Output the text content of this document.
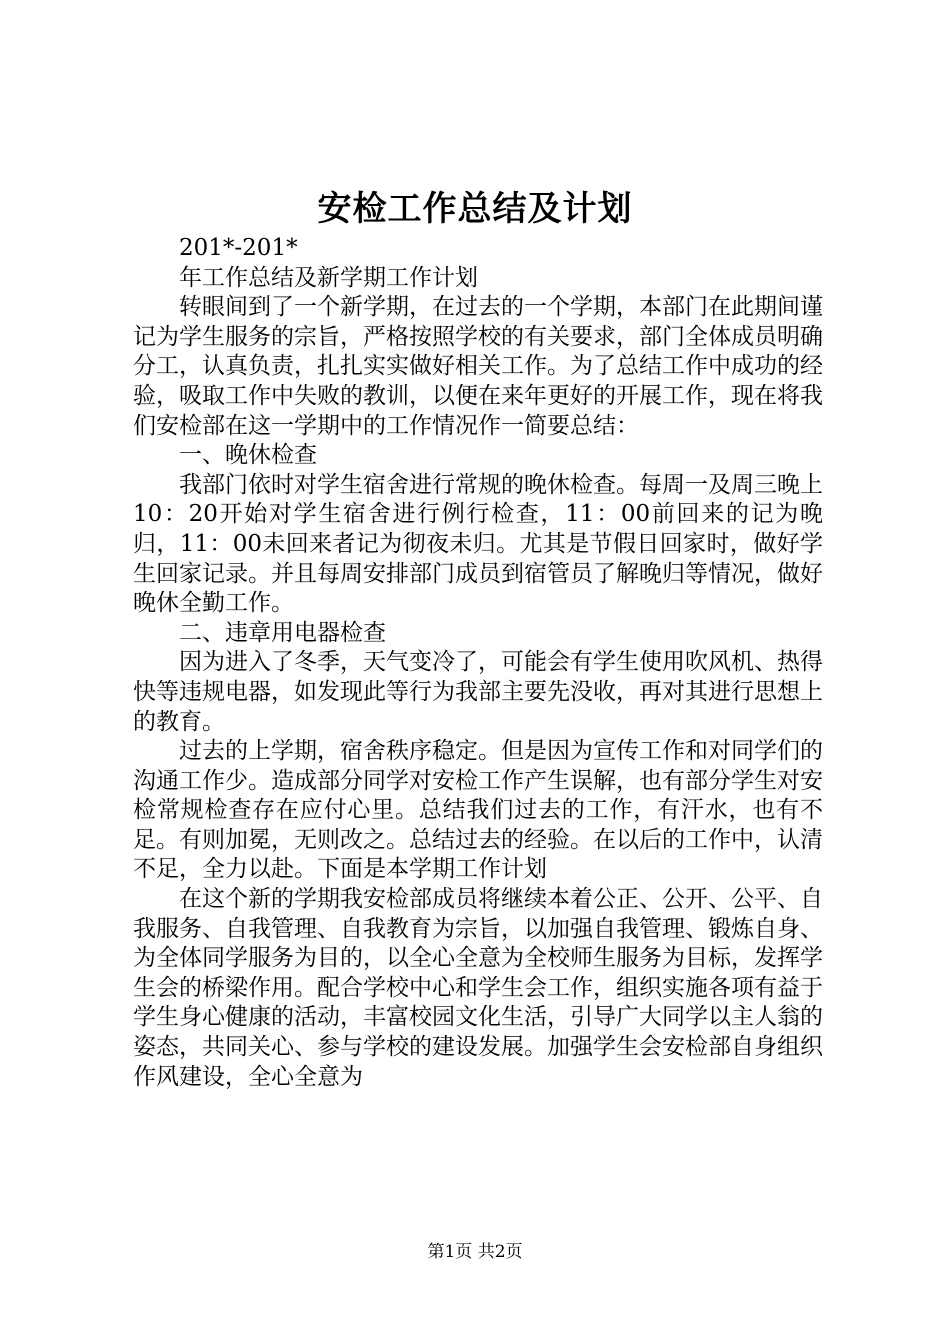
安检工作总结及计划

201*-201*

年工作总结及新学期工作计划

转眼间到了一个新学期，在过去的一个学期，本部门在此期间谨记为学生服务的宗旨，严格按照学校的有关要求，部门全体成员明确分工，认真负责，扎扎实实做好相关工作。为了总结工作中成功的经验，吸取工作中失败的教训，以便在来年更好的开展工作，现在将我们安检部在这一学期中的工作情况作一简要总结：

一、晚休检查

我部门依时对学生宿舍进行常规的晚休检查。每周一及周三晚上10：20开始对学生宿舍进行例行检查，11：00前回来的记为晚归，11：00未回来者记为彻夜未归。尤其是节假日回家时，做好学生回家记录。并且每周安排部门成员到宿管员了解晚归等情况，做好晚休全勤工作。

二、违章用电器检查

因为进入了冬季，天气变冷了，可能会有学生使用吹风机、热得快等违规电器，如发现此等行为我部主要先没收，再对其进行思想上的教育。

过去的上学期，宿舍秩序稳定。但是因为宣传工作和对同学们的沟通工作少。造成部分同学对安检工作产生误解，也有部分学生对安检常规检查存在应付心里。总结我们过去的工作，有汗水，也有不足。有则加冕，无则改之。总结过去的经验。在以后的工作中，认清不足，全力以赴。下面是本学期工作计划

在这个新的学期我安检部成员将继续本着公正、公开、公平、自我服务、自我管理、自我教育为宗旨，以加强自我管理、锻炼自身、为全体同学服务为目的，以全心全意为全校师生服务为目标，发挥学生会的桥梁作用。配合学校中心和学生会工作，组织实施各项有益于学生身心健康的活动，丰富校园文化生活，引导广大同学以主人翁的姿态，共同关心、参与学校的建设发展。加强学生会安检部自身组织作风建设，全心全意为

第1页 共2页
